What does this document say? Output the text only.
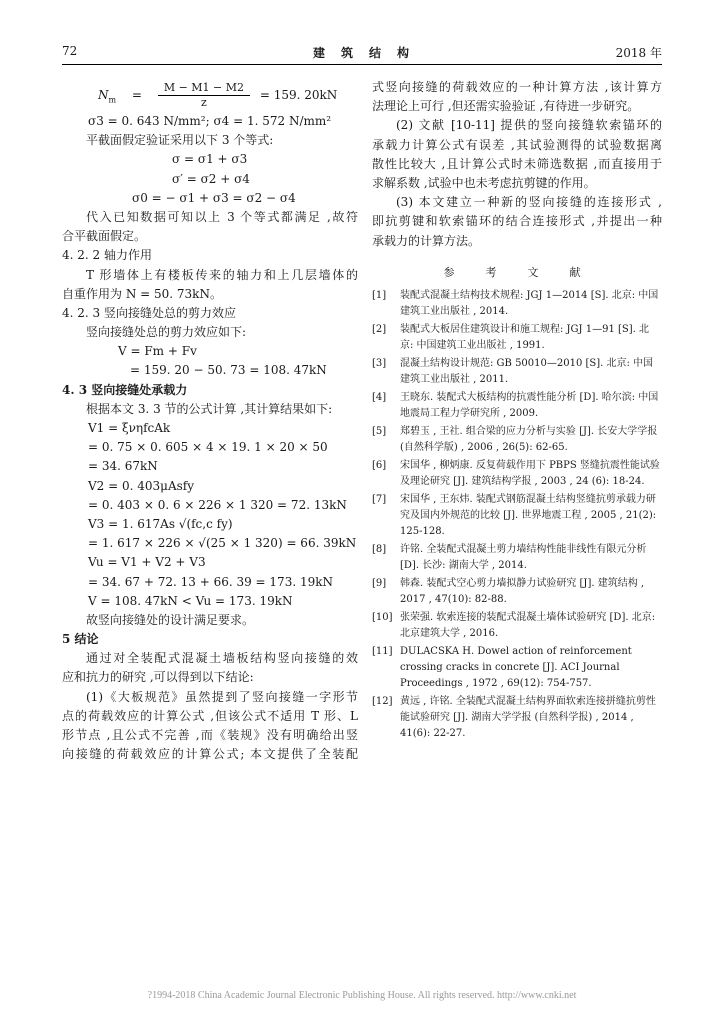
72	建　筑　结　构	2018 年
$N_m = \frac{M - M1 - M2}{z} = 159$. 20kN
σ3 = 0. 643 N/mm²; σ4 = 1. 572 N/mm²
平截面假定验证采用以下 3 个等式:
σ = σ1 + σ3
σ′ = σ2 + σ4
σ0 = − σ1 + σ3 = σ2 − σ4
代入已知数据可知以上 3 个等式都满足 ,故符
合平截面假定。
4. 2. 2 轴力作用
T 形墙体上有楼板传来的轴力和上几层墙体的
自重作用为 N = 50. 73kN。
4. 2. 3 竖向接缝处总的剪力效应
竖向接缝处总的剪力效应如下:
V = Fm + Fv
= 159. 20 − 50. 73 = 108. 47kN
4. 3 竖向接缝处承载力
根据本文 3. 3 节的公式计算 ,其计算结果如下:
V1 = ξνηfcAk
= 0. 75 × 0. 605 × 4 × 19. 1 × 20 × 50
= 34. 67kN
V2 = 0. 403μAsfy
= 0. 403 × 0. 6 × 226 × 1 320 = 72. 13kN
V3 = 1. 617As √(fc,c fy)
= 1. 617 × 226 × √(25 × 1 320) = 66. 39kN
Vu = V1 + V2 + V3
= 34. 67 + 72. 13 + 66. 39 = 173. 19kN
V = 108. 47kN < Vu = 173. 19kN
故竖向接缝处的设计满足要求。
5 结论
通过对全装配式混凝土墙板结构竖向接缝的效
应和抗力的研究 ,可以得到以下结论:
(1)《大板规范》虽然提到了竖向接缝一字形节
点的荷载效应的计算公式 ,但该公式不适用 T 形、L
形节点 ,且公式不完善 ,而《装规》没有明确给出竖
向接缝的荷载效应的计算公式; 本文提供了全装配
式竖向接缝的荷载效应的一种计算方法 ,该计算方
法理论上可行 ,但还需实验验证 ,有待进一步研究。
(2) 文献 [10-11] 提供的竖向接缝软索锚环的
承载力计算公式有误差 ,其试验测得的试验数据离
散性比较大 ,且计算公式时未筛选数据 ,而直接用于
求解系数 ,试验中也未考虑抗剪键的作用。
(3) 本文建立一种新的竖向接缝的连接形式 ,
即抗剪键和软索锚环的结合连接形式 ,并提出一种
承载力的计算方法。
参　考　文　献
[1]	装配式混凝土结构技术规程: JGJ 1—2014 [S]. 北京: 中国建筑工业出版社 , 2014.
[2]	装配式大板居住建筑设计和施工规程: JGJ 1—91 [S]. 北京: 中国建筑工业出版社 , 1991.
[3]	混凝土结构设计规范: GB 50010—2010 [S]. 北京: 中国建筑工业出版社 , 2011.
[4]	王晓东. 装配式大板结构的抗震性能分析 [D]. 哈尔滨: 中国地震局工程力学研究所 , 2009.
[5]	郑碧玉 , 王社. 组合梁的应力分析与实验 [J]. 长安大学学报 (自然科学版) , 2006 , 26(5): 62-65.
[6]	宋国华 , 柳炳康. 反复荷载作用下 PBPS 竖缝抗震性能试验及理论研究 [J]. 建筑结构学报 , 2003 , 24 (6): 18-24.
[7]	宋国华 , 王东炜. 装配式钢筋混凝土结构竖缝抗剪承载力研究及国内外规范的比较 [J]. 世界地震工程 , 2005 , 21(2): 125-128.
[8]	许铭. 全装配式混凝土剪力墙结构性能非线性有限元分析 [D]. 长沙: 湖南大学 , 2014.
[9]	韩森. 装配式空心剪力墙拟静力试验研究 [J]. 建筑结构 , 2017 , 47(10): 82-88.
[10] 张荣强. 软索连接的装配式混凝土墙体试验研究 [D]. 北京: 北京建筑大学 , 2016.
[11] DULACSKA H. Dowel action of reinforcement crossing cracks in concrete [J]. ACI Journal Proceedings , 1972 , 69(12): 754-757.
[12] 黄远 , 许铭. 全装配式混凝土结构界面软索连接拼缝抗剪性能试验研究 [J]. 湖南大学学报 (自然科学报) , 2014 , 41(6): 22-27.
?1994-2018 China Academic Journal Electronic Publishing House. All rights reserved. http://www.cnki.net
